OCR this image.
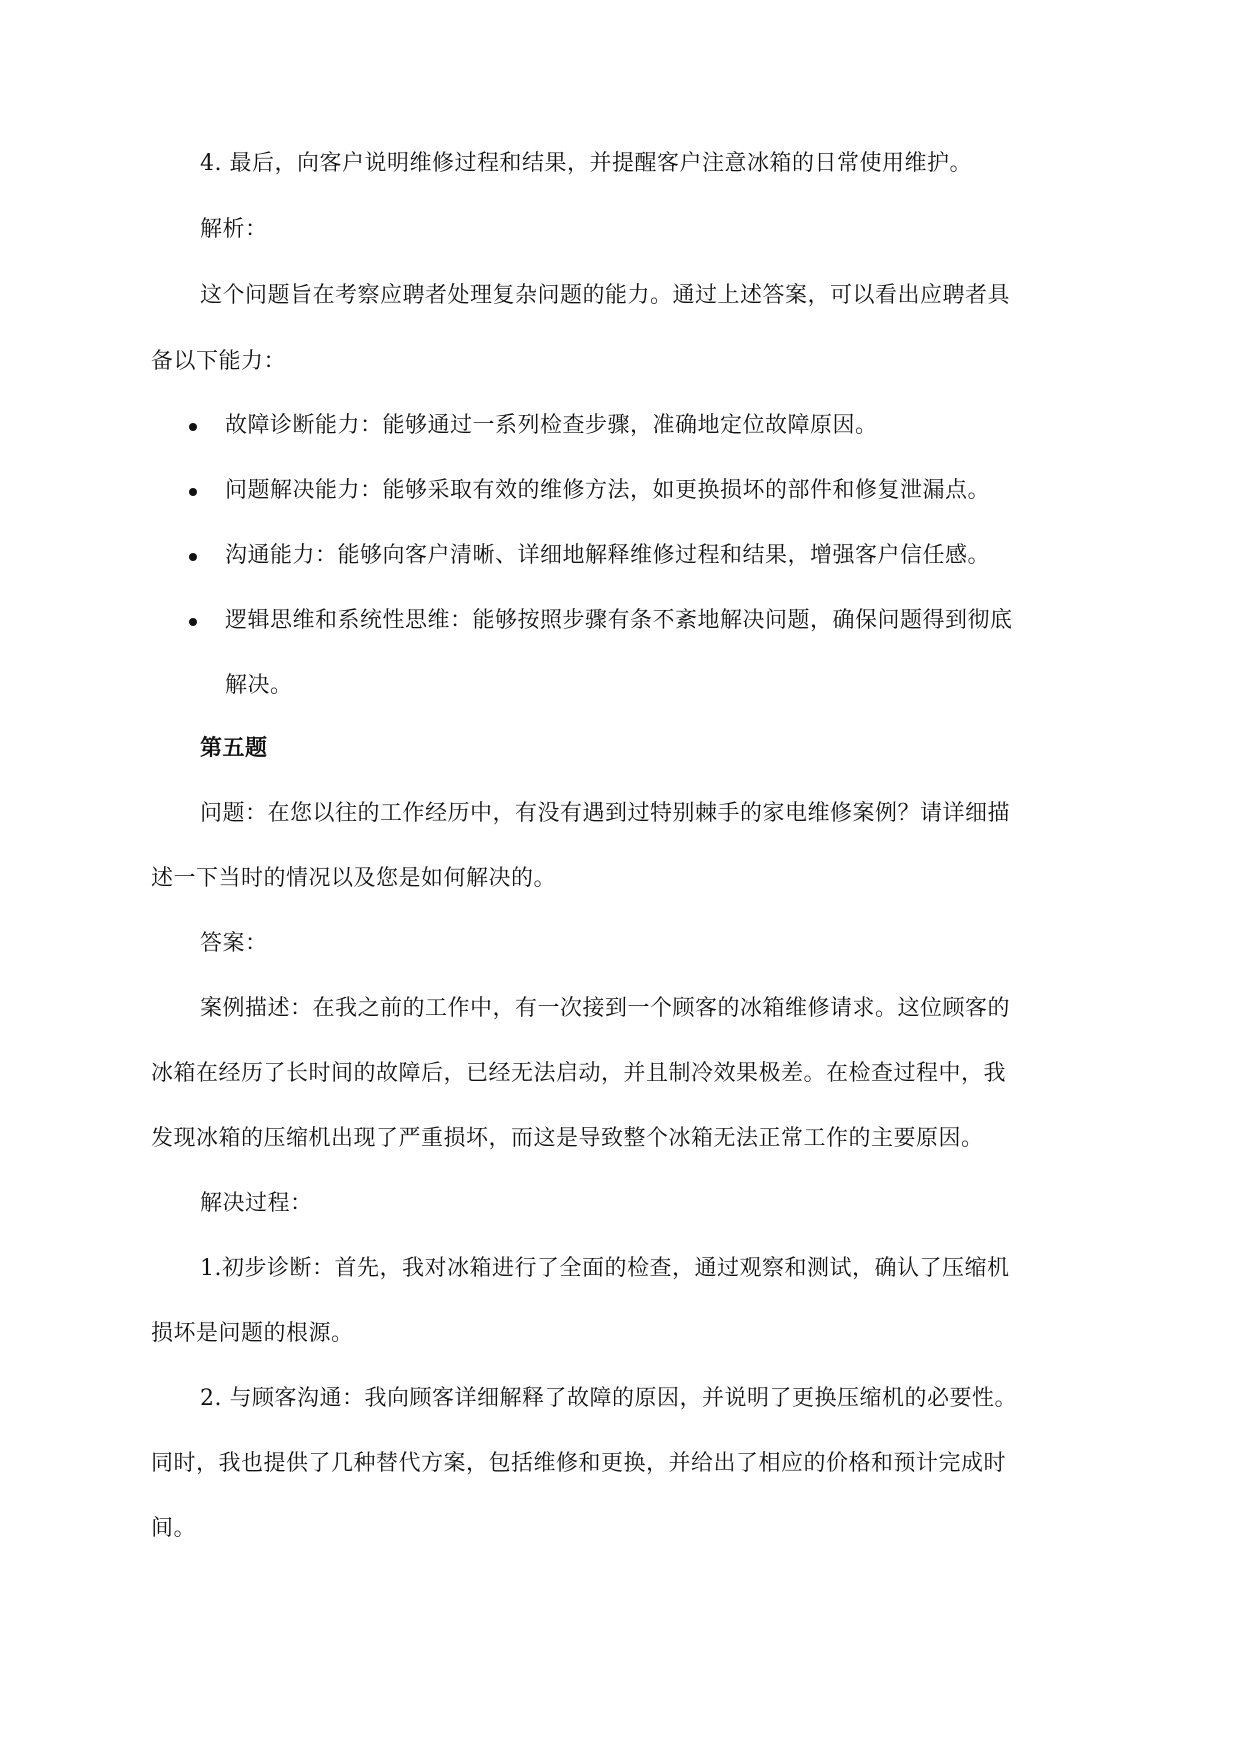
4. 最后，向客户说明维修过程和结果，并提醒客户注意冰箱的日常使用维护。
解析：
这个问题旨在考察应聘者处理复杂问题的能力。通过上述答案，可以看出应聘者具
备以下能力：
故障诊断能力：能够通过一系列检查步骤，准确地定位故障原因。
问题解决能力：能够采取有效的维修方法，如更换损坏的部件和修复泄漏点。
沟通能力：能够向客户清晰、详细地解释维修过程和结果，增强客户信任感。
逻辑思维和系统性思维：能够按照步骤有条不紊地解决问题，确保问题得到彻底
解决。
第五题
问题：在您以往的工作经历中，有没有遇到过特别棘手的家电维修案例？请详细描
述一下当时的情况以及您是如何解决的。
答案：
案例描述：在我之前的工作中，有一次接到一个顾客的冰箱维修请求。这位顾客的
冰箱在经历了长时间的故障后，已经无法启动，并且制冷效果极差。在检查过程中，我
发现冰箱的压缩机出现了严重损坏，而这是导致整个冰箱无法正常工作的主要原因。
解决过程：
1.初步诊断：首先，我对冰箱进行了全面的检查，通过观察和测试，确认了压缩机
损坏是问题的根源。
2. 与顾客沟通：我向顾客详细解释了故障的原因，并说明了更换压缩机的必要性。
同时，我也提供了几种替代方案，包括维修和更换，并给出了相应的价格和预计完成时
间。
